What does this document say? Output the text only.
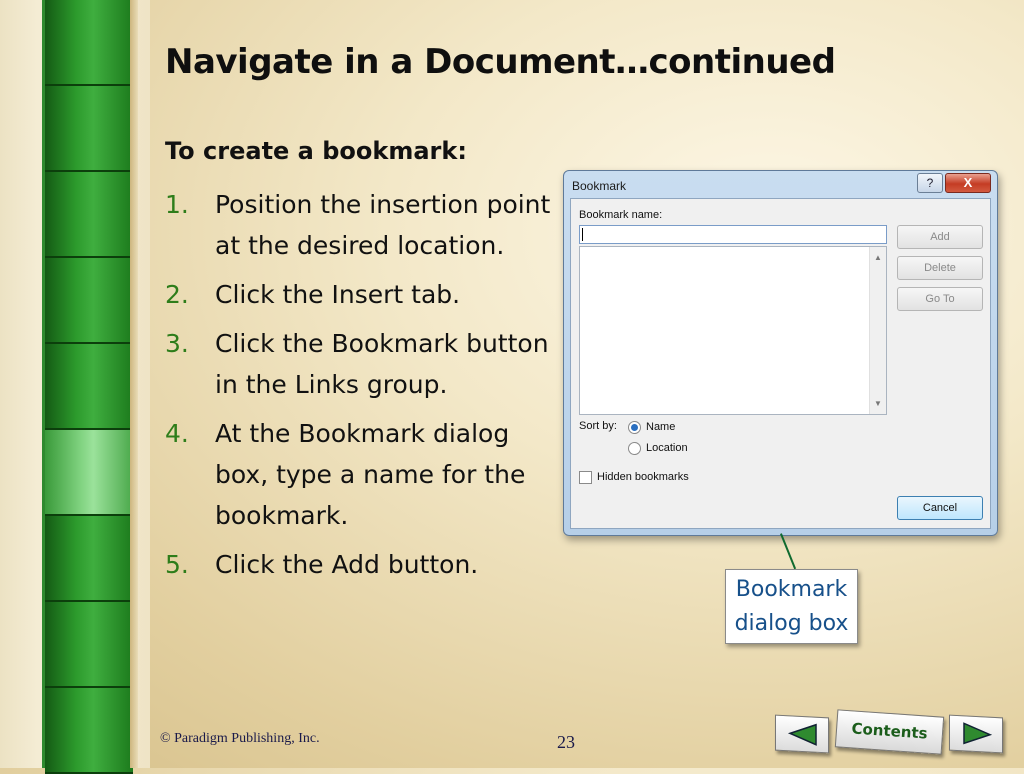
Navigate in a Document…continued
To create a bookmark:
1. Position the insertion point at the desired location.
2. Click the Insert tab.
3. Click the Bookmark button in the Links group.
4. At the Bookmark dialog box, type a name for the bookmark.
5. Click the Add button.
Bookmark	?	X
Bookmark name:
▲
▼
Add
Delete
Go To
Sort by:	Name
Location
Hidden bookmarks
Cancel
Bookmark
dialog box
© Paradigm Publishing, Inc.	23	Contents
